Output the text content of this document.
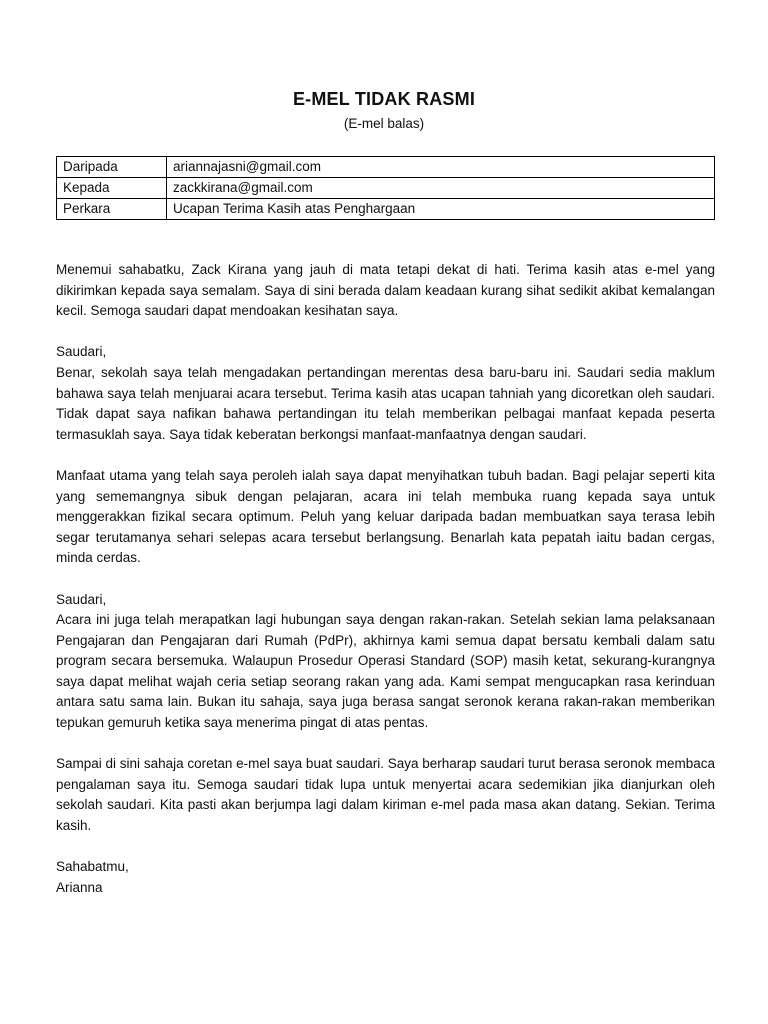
E-MEL TIDAK RASMI
(E-mel balas)
Daripada	ariannajasni@gmail.com
Kepada	zackkirana@gmail.com
Perkara	Ucapan Terima Kasih atas Penghargaan

Menemui sahabatku, Zack Kirana yang jauh di mata tetapi dekat di hati. Terima kasih atas e-mel yang dikirimkan kepada saya semalam. Saya di sini berada dalam keadaan kurang sihat sedikit akibat kemalangan kecil. Semoga saudari dapat mendoakan kesihatan saya.

Saudari,

Benar, sekolah saya telah mengadakan pertandingan merentas desa baru-baru ini. Saudari sedia maklum bahawa saya telah menjuarai acara tersebut. Terima kasih atas ucapan tahniah yang dicoretkan oleh saudari. Tidak dapat saya nafikan bahawa pertandingan itu telah memberikan pelbagai manfaat kepada peserta termasuklah saya. Saya tidak keberatan berkongsi manfaat-manfaatnya dengan saudari.

Manfaat utama yang telah saya peroleh ialah saya dapat menyihatkan tubuh badan. Bagi pelajar seperti kita yang sememangnya sibuk dengan pelajaran, acara ini telah membuka ruang kepada saya untuk menggerakkan fizikal secara optimum. Peluh yang keluar daripada badan membuatkan saya terasa lebih segar terutamanya sehari selepas acara tersebut berlangsung. Benarlah kata pepatah iaitu badan cergas, minda cerdas.

Saudari,

Acara ini juga telah merapatkan lagi hubungan saya dengan rakan-rakan. Setelah sekian lama pelaksanaan Pengajaran dan Pengajaran dari Rumah (PdPr), akhirnya kami semua dapat bersatu kembali dalam satu program secara bersemuka. Walaupun Prosedur Operasi Standard (SOP) masih ketat, sekurang-kurangnya saya dapat melihat wajah ceria setiap seorang rakan yang ada. Kami sempat mengucapkan rasa kerinduan antara satu sama lain. Bukan itu sahaja, saya juga berasa sangat seronok kerana rakan-rakan memberikan tepukan gemuruh ketika saya menerima pingat di atas pentas.

Sampai di sini sahaja coretan e-mel saya buat saudari. Saya berharap saudari turut berasa seronok membaca pengalaman saya itu. Semoga saudari tidak lupa untuk menyertai acara sedemikian jika dianjurkan oleh sekolah saudari. Kita pasti akan berjumpa lagi dalam kiriman e-mel pada masa akan datang. Sekian. Terima kasih.

Sahabatmu,
Arianna
